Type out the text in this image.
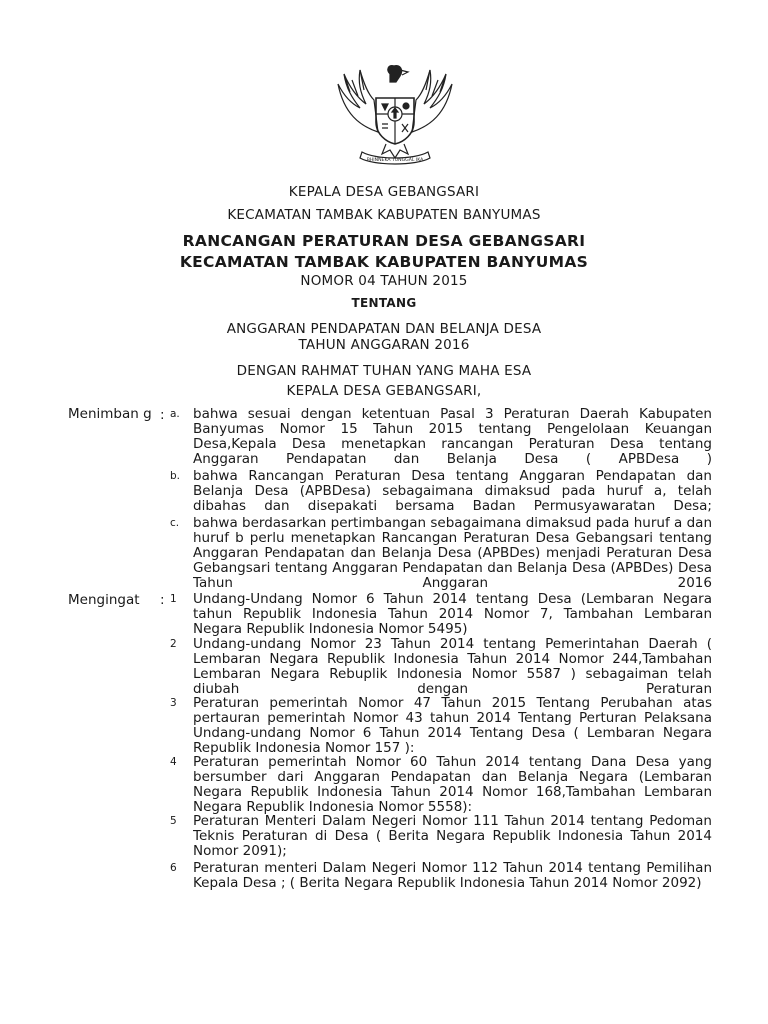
BHINNEKA TUNGGAL IKA
KEPALA DESA GEBANGSARI
KECAMATAN TAMBAK KABUPATEN BANYUMAS
RANCANGAN PERATURAN DESA GEBANGSARI
KECAMATAN TAMBAK KABUPATEN BANYUMAS
NOMOR 04 TAHUN 2015
TENTANG
ANGGARAN PENDAPATAN DAN BELANJA DESA
TAHUN ANGGARAN 2016
DENGAN RAHMAT TUHAN YANG MAHA ESA
KEPALA DESA GEBANGSARI,
Menimban g : a. bahwa sesuai dengan ketentuan Pasal 3 Peraturan Daerah Kabupaten Banyumas Nomor 15 Tahun 2015 tentang Pengelolaan Keuangan Desa,Kepala Desa menetapkan rancangan Peraturan Desa tentang Anggaran Pendapatan dan Belanja Desa ( APBDesa )
b. bahwa Rancangan Peraturan Desa tentang Anggaran Pendapatan dan Belanja Desa (APBDesa) sebagaimana dimaksud pada huruf a, telah dibahas dan disepakati bersama Badan Permusyawaratan Desa;
c. bahwa berdasarkan pertimbangan sebagaimana dimaksud pada huruf a dan huruf b perlu menetapkan Rancangan Peraturan Desa Gebangsari tentang Anggaran Pendapatan dan Belanja Desa (APBDes) menjadi Peraturan Desa Gebangsari tentang Anggaran Pendapatan dan Belanja Desa (APBDes) Desa Tahun Anggaran 2016
Mengingat : 1 Undang-Undang Nomor 6 Tahun 2014 tentang Desa (Lembaran Negara tahun Republik Indonesia Tahun 2014 Nomor 7, Tambahan Lembaran Negara Republik Indonesia Nomor 5495)
2 Undang-undang Nomor 23 Tahun 2014 tentang Pemerintahan Daerah ( Lembaran Negara Republik Indonesia Tahun 2014 Nomor 244,Tambahan Lembaran Negara Rebuplik Indonesia Nomor 5587 ) sebagaiman telah diubah dengan Peraturan
3 Peraturan pemerintah Nomor 47 Tahun 2015 Tentang Perubahan atas pertauran pemerintah Nomor 43 tahun 2014 Tentang Perturan Pelaksana Undang-undang Nomor 6 Tahun 2014 Tentang Desa ( Lembaran Negara Republik Indonesia Nomor 157 ):
4 Peraturan pemerintah Nomor 60 Tahun 2014 tentang Dana Desa yang bersumber dari Anggaran Pendapatan dan Belanja Negara (Lembaran Negara Republik Indonesia Tahun 2014 Nomor 168,Tambahan Lembaran Negara Republik Indonesia Nomor 5558):
5 Peraturan Menteri Dalam Negeri Nomor 111 Tahun 2014 tentang Pedoman Teknis Peraturan di Desa ( Berita Negara Republik Indonesia Tahun 2014 Nomor 2091);
6 Peraturan menteri Dalam Negeri Nomor 112 Tahun 2014 tentang Pemilihan Kepala Desa ; ( Berita Negara Republik Indonesia Tahun 2014 Nomor 2092)
